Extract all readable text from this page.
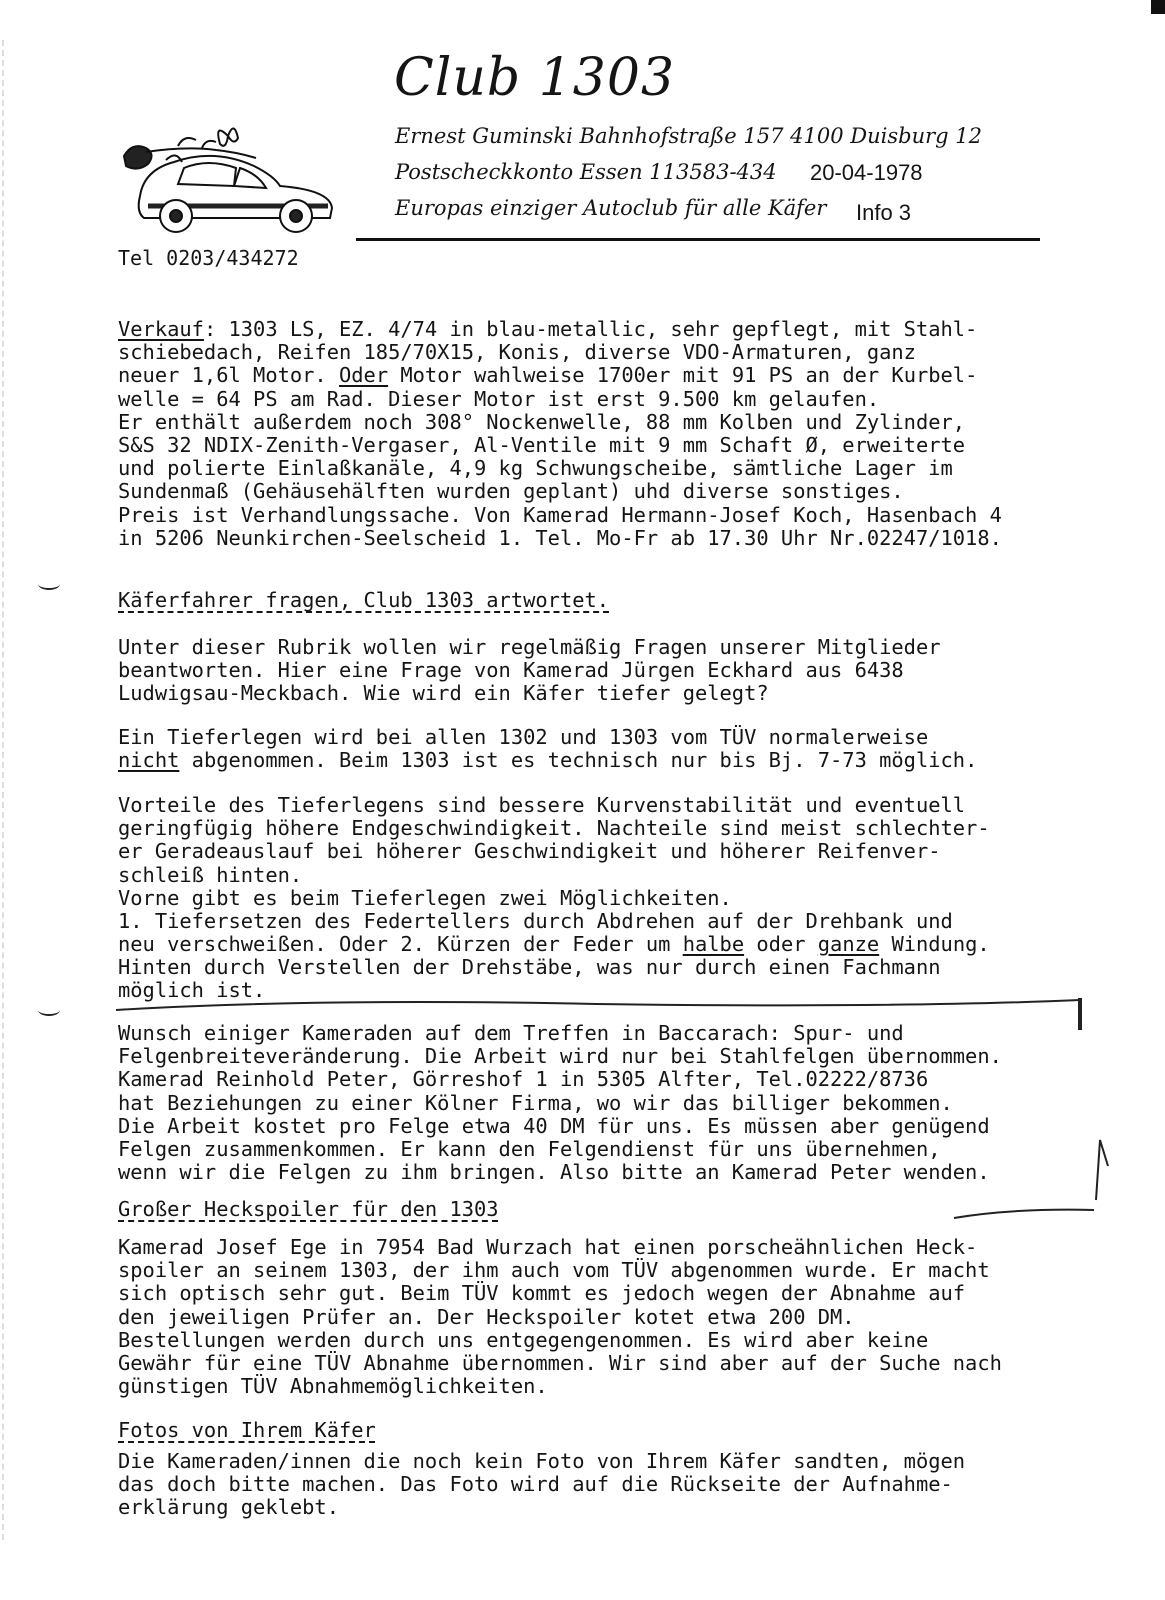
Club 1303
Ernest Guminski Bahnhofstraße 157 4100 Duisburg 12
Postscheckkonto Essen 113583-434 20-04-1978
Europas einziger Autoclub für alle Käfer Info 3
Tel 0203/434272
Verkauf: 1303 LS, EZ. 4/74 in blau-metallic, sehr gepflegt, mit Stahl-
schiebedach, Reifen 185/70X15, Konis, diverse VDO-Armaturen, ganz
neuer 1,6l Motor. Oder Motor wahlweise 1700er mit 91 PS an der Kurbel-
welle = 64 PS am Rad. Dieser Motor ist erst 9.500 km gelaufen.
Er enthält außerdem noch 308° Nockenwelle, 88 mm Kolben und Zylinder,
S&S 32 NDIX-Zenith-Vergaser, Al-Ventile mit 9 mm Schaft Ø, erweiterte
und polierte Einlaßkanäle, 4,9 kg Schwungscheibe, sämtliche Lager im
Sundenmaß (Gehäusehälften wurden geplant) uhd diverse sonstiges.
Preis ist Verhandlungssache. Von Kamerad Hermann-Josef Koch, Hasenbach 4
in 5206 Neunkirchen-Seelscheid 1. Tel. Mo-Fr ab 17.30 Uhr Nr.02247/1018.
Käferfahrer fragen, Club 1303 artwortet.
Unter dieser Rubrik wollen wir regelmäßig Fragen unserer Mitglieder
beantworten. Hier eine Frage von Kamerad Jürgen Eckhard aus 6438
Ludwigsau-Meckbach. Wie wird ein Käfer tiefer gelegt?
Ein Tieferlegen wird bei allen 1302 und 1303 vom TÜV normalerweise
nicht abgenommen. Beim 1303 ist es technisch nur bis Bj. 7-73 möglich.
Vorteile des Tieferlegens sind bessere Kurvenstabilität und eventuell
geringfügig höhere Endgeschwindigkeit. Nachteile sind meist schlechter-
er Geradeauslauf bei höherer Geschwindigkeit und höherer Reifenver-
schleiß hinten.
Vorne gibt es beim Tieferlegen zwei Möglichkeiten.
1. Tiefersetzen des Federtellers durch Abdrehen auf der Drehbank und
neu verschweißen. Oder 2. Kürzen der Feder um halbe oder ganze Windung.
Hinten durch Verstellen der Drehstäbe, was nur durch einen Fachmann
möglich ist.
Wunsch einiger Kameraden auf dem Treffen in Baccarach: Spur- und
Felgenbreiteveränderung. Die Arbeit wird nur bei Stahlfelgen übernommen.
Kamerad Reinhold Peter, Görreshof 1 in 5305 Alfter, Tel.02222/8736
hat Beziehungen zu einer Kölner Firma, wo wir das billiger bekommen.
Die Arbeit kostet pro Felge etwa 40 DM für uns. Es müssen aber genügend
Felgen zusammenkommen. Er kann den Felgendienst für uns übernehmen,
wenn wir die Felgen zu ihm bringen. Also bitte an Kamerad Peter wenden.
Großer Heckspoiler für den 1303
Kamerad Josef Ege in 7954 Bad Wurzach hat einen porscheähnlichen Heck-
spoiler an seinem 1303, der ihm auch vom TÜV abgenommen wurde. Er macht
sich optisch sehr gut. Beim TÜV kommt es jedoch wegen der Abnahme auf
den jeweiligen Prüfer an. Der Heckspoiler kotet etwa 200 DM.
Bestellungen werden durch uns entgegengenommen. Es wird aber keine
Gewähr für eine TÜV Abnahme übernommen. Wir sind aber auf der Suche nach
günstigen TÜV Abnahmemöglichkeiten.
Fotos von Ihrem Käfer
Die Kameraden/innen die noch kein Foto von Ihrem Käfer sandten, mögen
das doch bitte machen. Das Foto wird auf die Rückseite der Aufnahme-
erklärung geklebt.
